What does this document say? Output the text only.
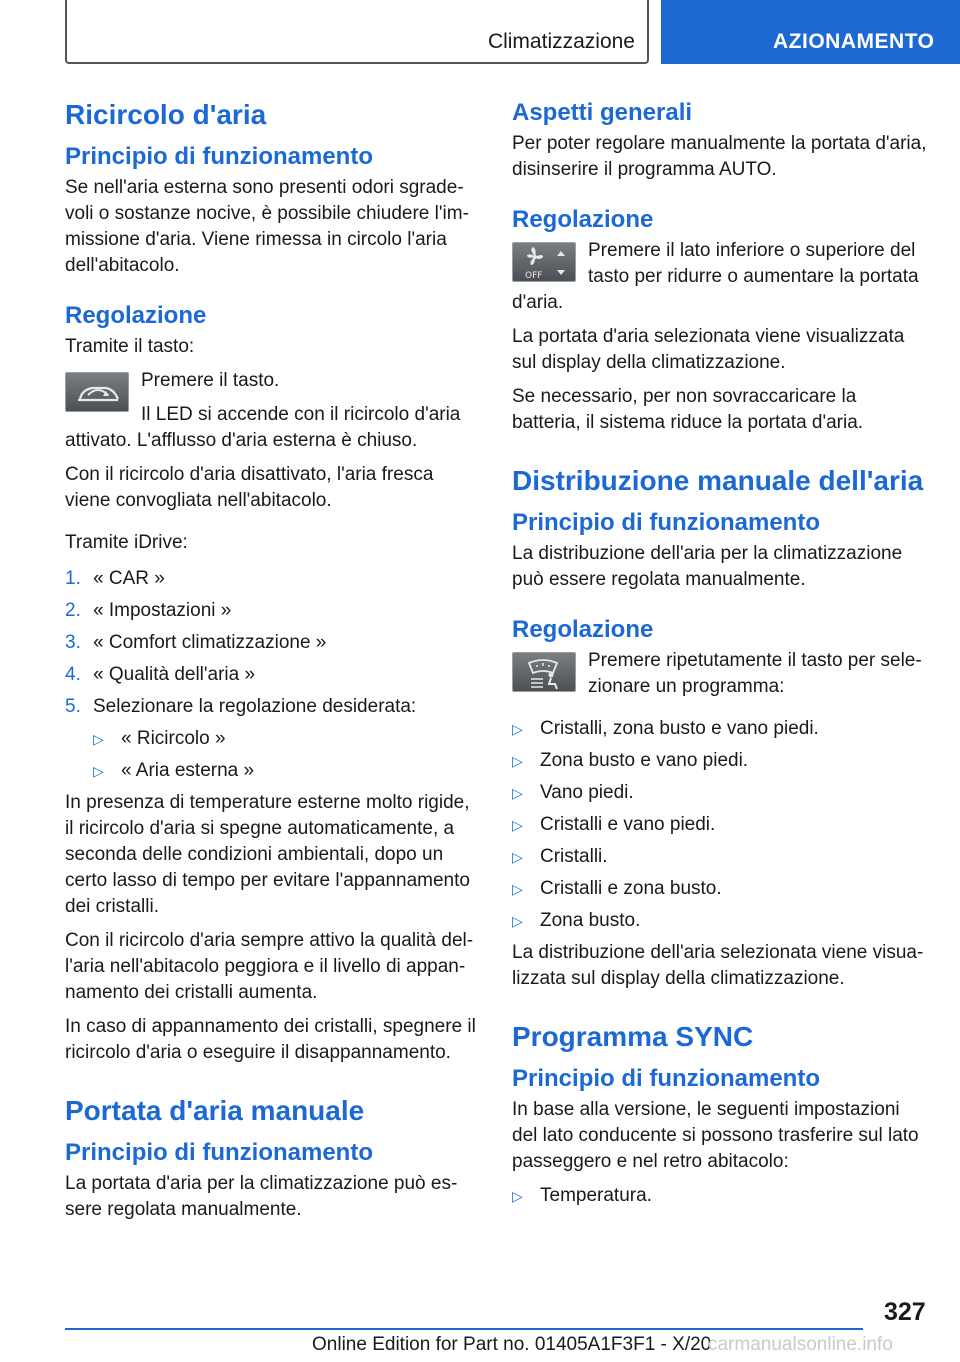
Climatizzazione	AZIONAMENTO
Ricircolo d'aria
Principio di funzionamento

Se nell'aria esterna sono presenti odori sgradevoli o sostanze nocive, è possibile chiudere l'immissione d'aria. Viene rimessa in circolo l'aria dell'abitacolo.

Regolazione

Tramite il tasto:

Premere il tasto.

Il LED si accende con il ricircolo d'aria attivato. L'afflusso d'aria esterna è chiuso.

Con il ricircolo d'aria disattivato, l'aria fresca viene convogliata nell'abitacolo.

Tramite iDrive:

1. « CAR »
2. « Impostazioni »
3. « Comfort climatizzazione »
4. « Qualità dell'aria »
5. Selezionare la regolazione desiderata:
▷ « Ricircolo »
▷ « Aria esterna »

In presenza di temperature esterne molto rigide, il ricircolo d'aria si spegne automaticamente, a seconda delle condizioni ambientali, dopo un certo lasso di tempo per evitare l'appannamento dei cristalli.

Con il ricircolo d'aria sempre attivo la qualità dell'aria nell'abitacolo peggiora e il livello di appannamento dei cristalli aumenta.

In caso di appannamento dei cristalli, spegnere il ricircolo d'aria o eseguire il disappannamento.

Portata d'aria manuale
Principio di funzionamento

La portata d'aria per la climatizzazione può essere regolata manualmente.

Aspetti generali

Per poter regolare manualmente la portata d'aria, disinserire il programma AUTO.

Regolazione
OFF

Premere il lato inferiore o superiore del tasto per ridurre o aumentare la portata d'aria.

La portata d'aria selezionata viene visualizzata sul display della climatizzazione.

Se necessario, per non sovraccaricare la batteria, il sistema riduce la portata d'aria.

Distribuzione manuale dell'aria
Principio di funzionamento

La distribuzione dell'aria per la climatizzazione può essere regolata manualmente.

Regolazione

Premere ripetutamente il tasto per selezionare un programma:

▷ Cristalli, zona busto e vano piedi.
▷ Zona busto e vano piedi.
▷ Vano piedi.
▷ Cristalli e vano piedi.
▷ Cristalli.
▷ Cristalli e zona busto.
▷ Zona busto.

La distribuzione dell'aria selezionata viene visualizzata sul display della climatizzazione.

Programma SYNC
Principio di funzionamento

In base alla versione, le seguenti impostazioni del lato conducente si possono trasferire sul lato passeggero e nel retro abitacolo:

▷ Temperatura.
327
Online Edition for Part no. 01405A1F3F1 - X/20
carmanualsonline.info
